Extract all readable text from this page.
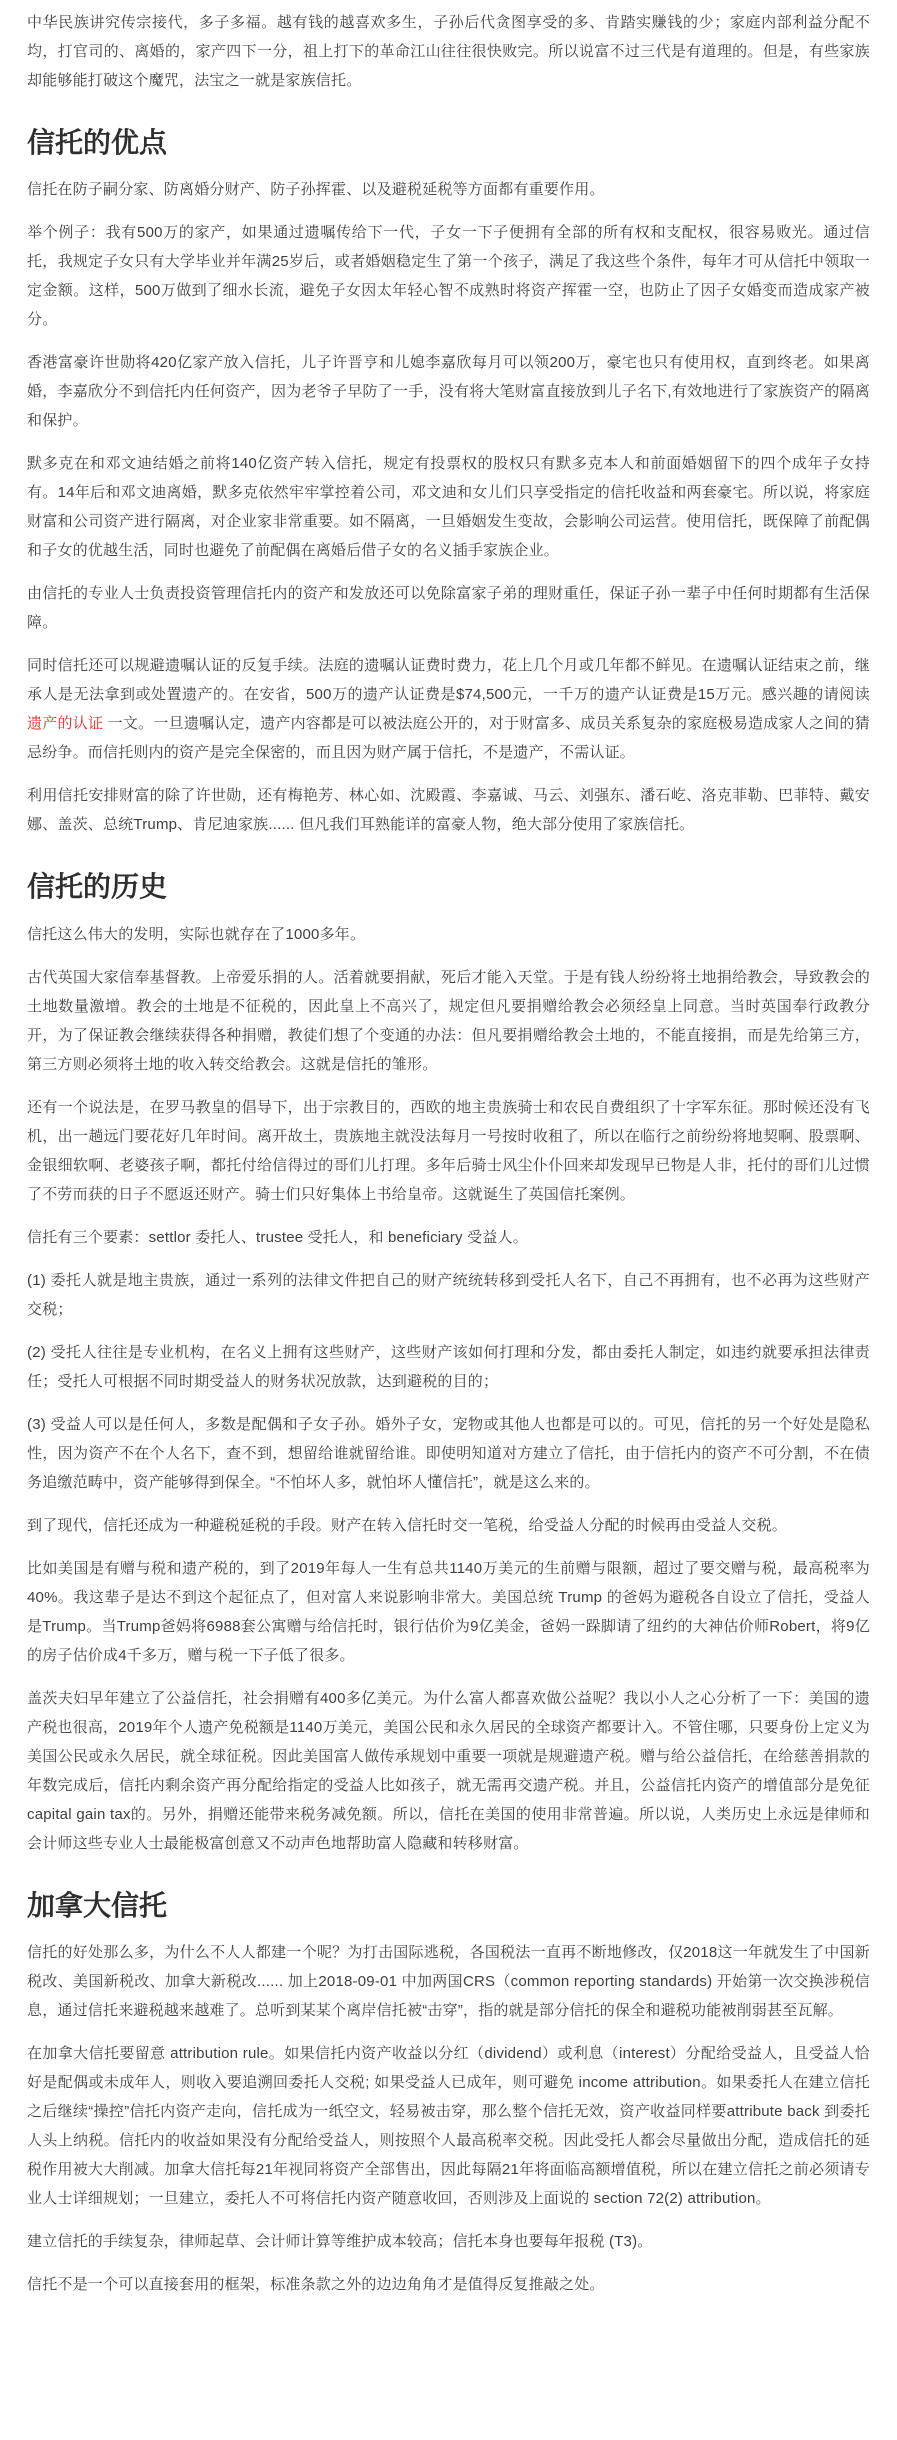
中华民族讲究传宗接代，多子多福。越有钱的越喜欢多生，子孙后代贪图享受的多、肯踏实赚钱的少；家庭内部利益分配不均，打官司的、离婚的，家产四下一分，祖上打下的革命江山往往很快败完。所以说富不过三代是有道理的。但是，有些家族却能够能打破这个魔咒，法宝之一就是家族信托。

信托的优点

信托在防子嗣分家、防离婚分财产、防子孙挥霍、以及避税延税等方面都有重要作用。

举个例子：我有500万的家产，如果通过遗嘱传给下一代，子女一下子便拥有全部的所有权和支配权，很容易败光。通过信托，我规定子女只有大学毕业并年满25岁后，或者婚姻稳定生了第一个孩子，满足了我这些个条件，每年才可从信托中领取一定金额。这样，500万做到了细水长流，避免子女因太年轻心智不成熟时将资产挥霍一空，也防止了因子女婚变而造成家产被分。

香港富豪许世勋将420亿家产放入信托，儿子许晋亨和儿媳李嘉欣每月可以领200万，豪宅也只有使用权，直到终老。如果离婚，李嘉欣分不到信托内任何资产，因为老爷子早防了一手，没有将大笔财富直接放到儿子名下,有效地进行了家族资产的隔离和保护。

默多克在和邓文迪结婚之前将140亿资产转入信托，规定有投票权的股权只有默多克本人和前面婚姻留下的四个成年子女持有。14年后和邓文迪离婚，默多克依然牢牢掌控着公司，邓文迪和女儿们只享受指定的信托收益和两套豪宅。所以说，将家庭财富和公司资产进行隔离，对企业家非常重要。如不隔离，一旦婚姻发生变故，会影响公司运营。使用信托，既保障了前配偶和子女的优越生活，同时也避免了前配偶在离婚后借子女的名义插手家族企业。

由信托的专业人士负责投资管理信托内的资产和发放还可以免除富家子弟的理财重任，保证子孙一辈子中任何时期都有生活保障。

同时信托还可以规避遗嘱认证的反复手续。法庭的遗嘱认证费时费力，花上几个月或几年都不鲜见。在遗嘱认证结束之前，继承人是无法拿到或处置遗产的。在安省，500万的遗产认证费是$74,500元，一千万的遗产认证费是15万元。感兴趣的请阅读 遗产的认证 一文。一旦遗嘱认定，遗产内容都是可以被法庭公开的，对于财富多、成员关系复杂的家庭极易造成家人之间的猜忌纷争。而信托则内的资产是完全保密的，而且因为财产属于信托，不是遗产，不需认证。

利用信托安排财富的除了许世勋，还有梅艳芳、林心如、沈殿霞、李嘉诚、马云、刘强东、潘石屹、洛克菲勒、巴菲特、戴安娜、盖茨、总统Trump、肯尼迪家族...... 但凡我们耳熟能详的富豪人物，绝大部分使用了家族信托。

信托的历史

信托这么伟大的发明，实际也就存在了1000多年。

古代英国大家信奉基督教。上帝爱乐捐的人。活着就要捐献，死后才能入天堂。于是有钱人纷纷将土地捐给教会，导致教会的土地数量激增。教会的土地是不征税的，因此皇上不高兴了，规定但凡要捐赠给教会必须经皇上同意。当时英国奉行政教分开，为了保证教会继续获得各种捐赠，教徒们想了个变通的办法：但凡要捐赠给教会土地的，不能直接捐，而是先给第三方，第三方则必须将土地的收入转交给教会。这就是信托的雏形。

还有一个说法是，在罗马教皇的倡导下，出于宗教目的，西欧的地主贵族骑士和农民自费组织了十字军东征。那时候还没有飞机，出一趟远门要花好几年时间。离开故土，贵族地主就没法每月一号按时收租了，所以在临行之前纷纷将地契啊、股票啊、金银细软啊、老婆孩子啊，都托付给信得过的哥们儿打理。多年后骑士风尘仆仆回来却发现早已物是人非，托付的哥们儿过惯了不劳而获的日子不愿返还财产。骑士们只好集体上书给皇帝。这就诞生了英国信托案例。

信托有三个要素：settlor 委托人、trustee 受托人，和 beneficiary 受益人。

(1) 委托人就是地主贵族，通过一系列的法律文件把自己的财产统统转移到受托人名下，自己不再拥有，也不必再为这些财产交税；

(2) 受托人往往是专业机构，在名义上拥有这些财产，这些财产该如何打理和分发，都由委托人制定，如违约就要承担法律责任；受托人可根据不同时期受益人的财务状况放款，达到避税的目的；

(3) 受益人可以是任何人，多数是配偶和子女子孙。婚外子女，宠物或其他人也都是可以的。可见，信托的另一个好处是隐私性，因为资产不在个人名下，查不到，想留给谁就留给谁。即使明知道对方建立了信托，由于信托内的资产不可分割，不在债务追缴范畴中，资产能够得到保全。“不怕坏人多，就怕坏人懂信托”，就是这么来的。

到了现代，信托还成为一种避税延税的手段。财产在转入信托时交一笔税，给受益人分配的时候再由受益人交税。

比如美国是有赠与税和遗产税的，到了2019年每人一生有总共1140万美元的生前赠与限额，超过了要交赠与税，最高税率为40%。我这辈子是达不到这个起征点了，但对富人来说影响非常大。美国总统 Trump 的爸妈为避税各自设立了信托，受益人是Trump。当Trump爸妈将6988套公寓赠与给信托时，银行估价为9亿美金，爸妈一跺脚请了纽约的大神估价师Robert，将9亿的房子估价成4千多万，赠与税一下子低了很多。

盖茨夫妇早年建立了公益信托，社会捐赠有400多亿美元。为什么富人都喜欢做公益呢？我以小人之心分析了一下：美国的遗产税也很高，2019年个人遗产免税额是1140万美元，美国公民和永久居民的全球资产都要计入。不管住哪，只要身份上定义为美国公民或永久居民，就全球征税。因此美国富人做传承规划中重要一项就是规避遗产税。赠与给公益信托，在给慈善捐款的年数完成后，信托内剩余资产再分配给指定的受益人比如孩子，就无需再交遗产税。并且，公益信托内资产的增值部分是免征capital gain tax的。另外，捐赠还能带来税务减免额。所以，信托在美国的使用非常普遍。所以说，人类历史上永远是律师和会计师这些专业人士最能极富创意又不动声色地帮助富人隐藏和转移财富。

加拿大信托

信托的好处那么多，为什么不人人都建一个呢？为打击国际逃税，各国税法一直再不断地修改，仅2018这一年就发生了中国新税改、美国新税改、加拿大新税改...... 加上2018-09-01 中加两国CRS（common reporting standards) 开始第一次交换涉税信息，通过信托来避税越来越难了。总听到某某个离岸信托被“击穿”，指的就是部分信托的保全和避税功能被削弱甚至瓦解。

在加拿大信托要留意 attribution rule。如果信托内资产收益以分红（dividend）或利息（interest）分配给受益人，且受益人恰好是配偶或未成年人，则收入要追溯回委托人交税; 如果受益人已成年，则可避免 income attribution。如果委托人在建立信托之后继续“操控”信托内资产走向，信托成为一纸空文，轻易被击穿，那么整个信托无效，资产收益同样要attribute back 到委托人头上纳税。信托内的收益如果没有分配给受益人，则按照个人最高税率交税。因此受托人都会尽量做出分配，造成信托的延税作用被大大削减。加拿大信托每21年视同将资产全部售出，因此每隔21年将面临高额增值税，所以在建立信托之前必须请专业人士详细规划；一旦建立，委托人不可将信托内资产随意收回，否则涉及上面说的 section 72(2) attribution。

建立信托的手续复杂，律师起草、会计师计算等维护成本较高；信托本身也要每年报税 (T3)。

信托不是一个可以直接套用的框架，标准条款之外的边边角角才是值得反复推敲之处。
